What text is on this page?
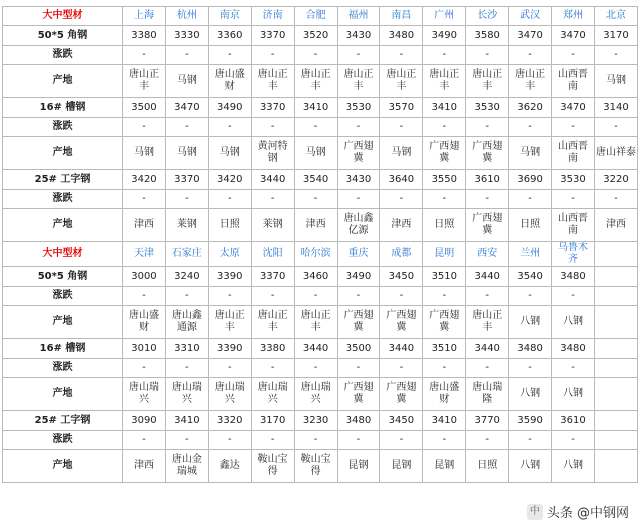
大中型材	上海	杭州	南京	济南	合肥	福州	南昌	广州	长沙	武汉	郑州	北京
50*5 角钢	3380	3330	3360	3370	3520	3430	3480	3490	3580	3470	3470	3170
涨跌	-	-	-	-	-	-	-	-	-	-	-	-
产地	唐山正丰	马钢	唐山盛财	唐山正丰	唐山正丰	唐山正丰	唐山正丰	唐山正丰	唐山正丰	唐山正丰	山西晋南	马钢
16# 槽钢	3500	3470	3490	3370	3410	3530	3570	3410	3530	3620	3470	3140
涨跌	-	-	-	-	-	-	-	-	-	-	-	-
产地	马钢	马钢	马钢	黄河特钢	马钢	广西翅冀	马钢	广西翅冀	广西翅冀	马钢	山西晋南	唐山祥泰
25# 工字钢	3420	3370	3420	3440	3540	3430	3640	3550	3610	3690	3530	3220
涨跌	-	-	-	-	-	-	-	-	-	-	-	-
产地	津西	莱钢	日照	莱钢	津西	唐山鑫亿源	津西	日照	广西翅冀	日照	山西晋南	津西
大中型材	天津	石家庄	太原	沈阳	哈尔滨	重庆	成都	昆明	西安	兰州	乌鲁木齐	
50*5 角钢	3000	3240	3390	3370	3460	3490	3450	3510	3440	3540	3480	
涨跌	-	-	-	-	-	-	-	-	-	-	-	
产地	唐山盛财	唐山鑫通源	唐山正丰	唐山正丰	唐山正丰	广西翅冀	广西翅冀	广西翅冀	唐山正丰	八钢	八钢	
16# 槽钢	3010	3310	3390	3380	3440	3500	3440	3510	3440	3480	3480	
涨跌	-	-	-	-	-	-	-	-	-	-	-	
产地	唐山瑞兴	唐山瑞兴	唐山瑞兴	唐山瑞兴	唐山瑞兴	广西翅冀	广西翅冀	唐山盛财	唐山瑞隆	八钢	八钢	
25# 工字钢	3090	3410	3320	3170	3230	3480	3450	3410	3770	3590	3610	
涨跌	-	-	-	-	-	-	-	-	-	-	-	
产地	津西	唐山金瑞城	鑫达	鞍山宝得	鞍山宝得	昆钢	昆钢	昆钢	日照	八钢	八钢	
中 头条 @中钢网
